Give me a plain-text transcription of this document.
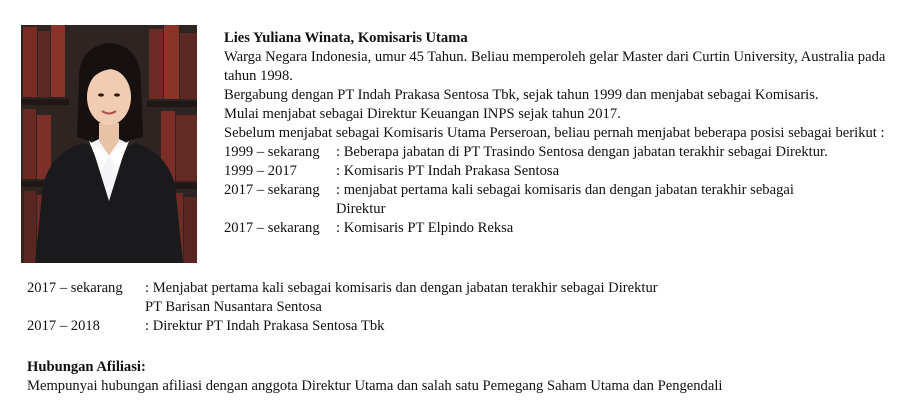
Lies Yuliana Winata, Komisaris Utama

Warga Negara Indonesia, umur 45 Tahun. Beliau memperoleh gelar Master dari Curtin University, Australia pada tahun 1998.

Bergabung dengan PT Indah Prakasa Sentosa Tbk, sejak tahun 1999 dan menjabat sebagai Komisaris.

Mulai menjabat sebagai Direktur Keuangan INPS sejak tahun 2017.

Sebelum menjabat sebagai Komisaris Utama Perseroan, beliau pernah menjabat beberapa posisi sebagai berikut :

1999 – sekarang	: Beberapa jabatan di PT Trasindo Sentosa dengan jabatan terakhir sebagai Direktur.
1999 – 2017	: Komisaris PT Indah Prakasa Sentosa
2017 – sekarang	: menjabat pertama kali sebagai komisaris dan dengan jabatan terakhir sebagai Direktur
2017 – sekarang	: Komisaris PT Elpindo Reksa
2017 – sekarang	: Menjabat pertama kali sebagai komisaris dan dengan jabatan terakhir sebagai Direktur PT Barisan Nusantara Sentosa
2017 – 2018	: Direktur PT Indah Prakasa Sentosa Tbk

Hubungan Afiliasi:

Mempunyai hubungan afiliasi dengan anggota Direktur Utama dan salah satu Pemegang Saham Utama dan Pengendali
